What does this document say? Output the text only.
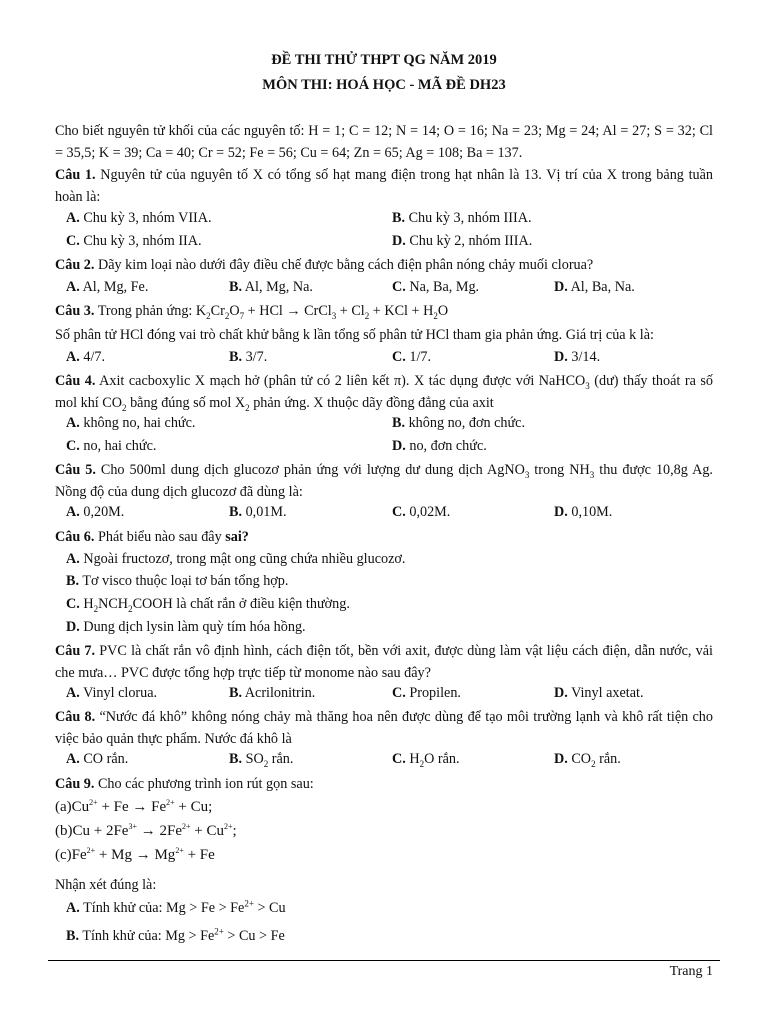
ĐỀ THI THỬ THPT QG NĂM 2019
MÔN THI: HOÁ HỌC - MÃ ĐỀ DH23
Cho biết nguyên tử khối của các nguyên tố: H = 1; C = 12; N = 14; O = 16; Na = 23; Mg = 24; Al = 27; S = 32; Cl = 35,5; K = 39; Ca = 40; Cr = 52; Fe = 56; Cu = 64; Zn = 65; Ag = 108; Ba = 137.
Câu 1. Nguyên tử của nguyên tố X có tổng số hạt mang điện trong hạt nhân là 13. Vị trí của X trong bảng tuần hoàn là:
A. Chu kỳ 3, nhóm VIIA.	B. Chu kỳ 3, nhóm IIIA.
C. Chu kỳ 3, nhóm IIA.	D. Chu kỳ 2, nhóm IIIA.
Câu 2. Dãy kim loại nào dưới đây điều chế được bằng cách điện phân nóng chảy muối clorua?
A. Al, Mg, Fe.	B. Al, Mg, Na.	C. Na, Ba, Mg.	D. Al, Ba, Na.
Câu 3. Trong phản ứng: $K_2Cr_2O_7$ + HCl → CrCl$_3$ + $Cl_2$ + KCl + $H_2O$
Số phân tử HCl đóng vai trò chất khử bằng k lần tổng số phân tử HCl tham gia phản ứng. Giá trị của k là:
A. 4/7.	B. 3/7.	C. 1/7.	D. 3/14.
Câu 4. Axit cacboxylic X mạch hở (phân tử có 2 liên kết π). X tác dụng được với NaHCO$_3$ (dư) thấy thoát ra số mol khí $CO_2$ bằng đúng số mol $X_2$ phản ứng. X thuộc dãy đồng đẳng của axit
A. không no, hai chức.	B. không no, đơn chức.
C. no, hai chức.	D. no, đơn chức.
Câu 5. Cho 500ml dung dịch glucozơ phản ứng với lượng dư dung dịch AgNO$_3$ trong $NH_3$ thu được 10,8g Ag. Nồng độ của dung dịch glucozơ đã dùng là:
A. 0,20M.	B. 0,01M.	C. 0,02M.	D. 0,10M.
Câu 6. Phát biểu nào sau đây sai?
A. Ngoài fructozơ, trong mật ong cũng chứa nhiều glucozơ.
B. Tơ visco thuộc loại tơ bán tổng hợp.
C. $H_2NCH_2COOH$ là chất rắn ở điều kiện thường.
D. Dung dịch lysin làm quỳ tím hóa hồng.
Câu 7. PVC là chất rắn vô định hình, cách điện tốt, bền với axit, được dùng làm vật liệu cách điện, dẫn nước, vải che mưa… PVC được tổng hợp trực tiếp từ monome nào sau đây?
A. Vinyl clorua.	B. Acrilonitrin.	C. Propilen.	D. Vinyl axetat.
Câu 8. “Nước đá khô” không nóng chảy mà thăng hoa nên được dùng để tạo môi trường lạnh và khô rất tiện cho việc bảo quản thực phẩm. Nước đá khô là
A. CO rắn.	B. $SO_2$ rắn.	C. $H_2O$ rắn.	D. $CO_2$ rắn.
Câu 9. Cho các phương trình ion rút gọn sau:
$(a)Cu^{2+} + Fe \to Fe^{2+} + Cu$;
$(b)Cu + 2Fe^{3+} \to 2Fe^{2+} + Cu^{2+}$;
$(c)Fe^{2+} + Mg \to Mg^{2+} + Fe$
Nhận xét đúng là:
A. Tính khử của: $Mg > Fe > Fe^{2+} > Cu$
B. Tính khử của: $Mg > Fe^{2+} > Cu > Fe$
Trang 1
